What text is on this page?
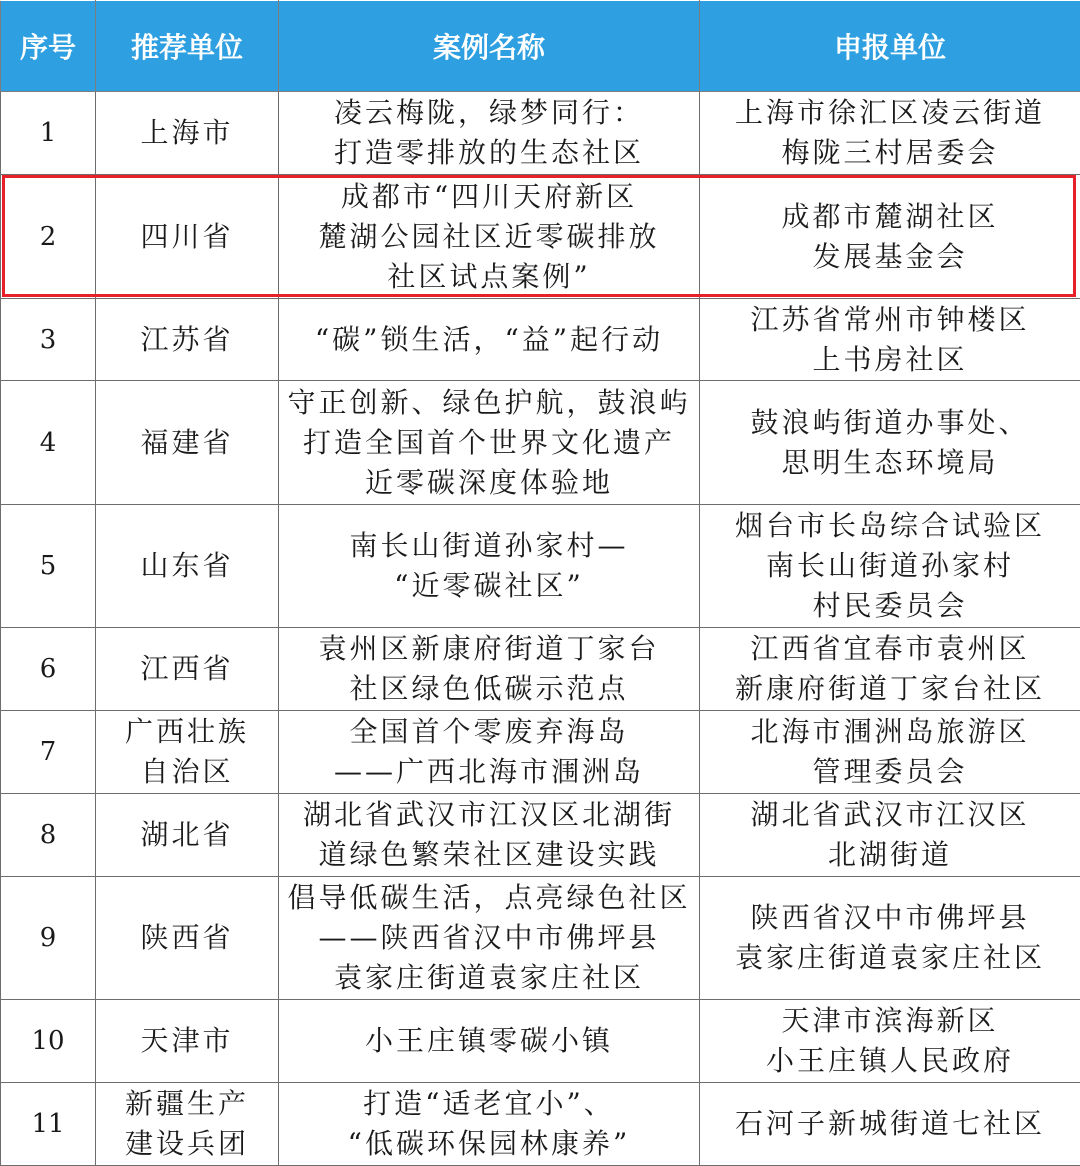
序号	推荐单位	案例名称	申报单位
1	上海市	凌云梅陇，绿梦同行：
打造零排放的生态社区	上海市徐汇区凌云街道
梅陇三村居委会

2	四川省	成都市“四川天府新区
麓湖公园社区近零碳排放
社区试点案例”	成都市麓湖社区
发展基金会

3	江苏省	“碳”锁生活，“益”起行动	江苏省常州市钟楼区
上书房社区

4	福建省	守正创新、绿色护航，鼓浪屿
打造全国首个世界文化遗产
近零碳深度体验地	鼓浪屿街道办事处、
思明生态环境局

5	山东省	南长山街道孙家村—
“近零碳社区”	烟台市长岛综合试验区
南长山街道孙家村
村民委员会

6	江西省	袁州区新康府街道丁家台
社区绿色低碳示范点	江西省宜春市袁州区
新康府街道丁家台社区

7	广西壮族
自治区	全国首个零废弃海岛
——广西北海市涠洲岛	北海市涠洲岛旅游区
管理委员会

8	湖北省	湖北省武汉市江汉区北湖街
道绿色繁荣社区建设实践	湖北省武汉市江汉区
北湖街道

9	陕西省	倡导低碳生活，点亮绿色社区
——陕西省汉中市佛坪县
袁家庄街道袁家庄社区	陕西省汉中市佛坪县
袁家庄街道袁家庄社区

10	天津市	小王庄镇零碳小镇	天津市滨海新区
小王庄镇人民政府

11	新疆生产
建设兵团	打造“适老宜小”、
“低碳环保园林康养”	石河子新城街道七社区
